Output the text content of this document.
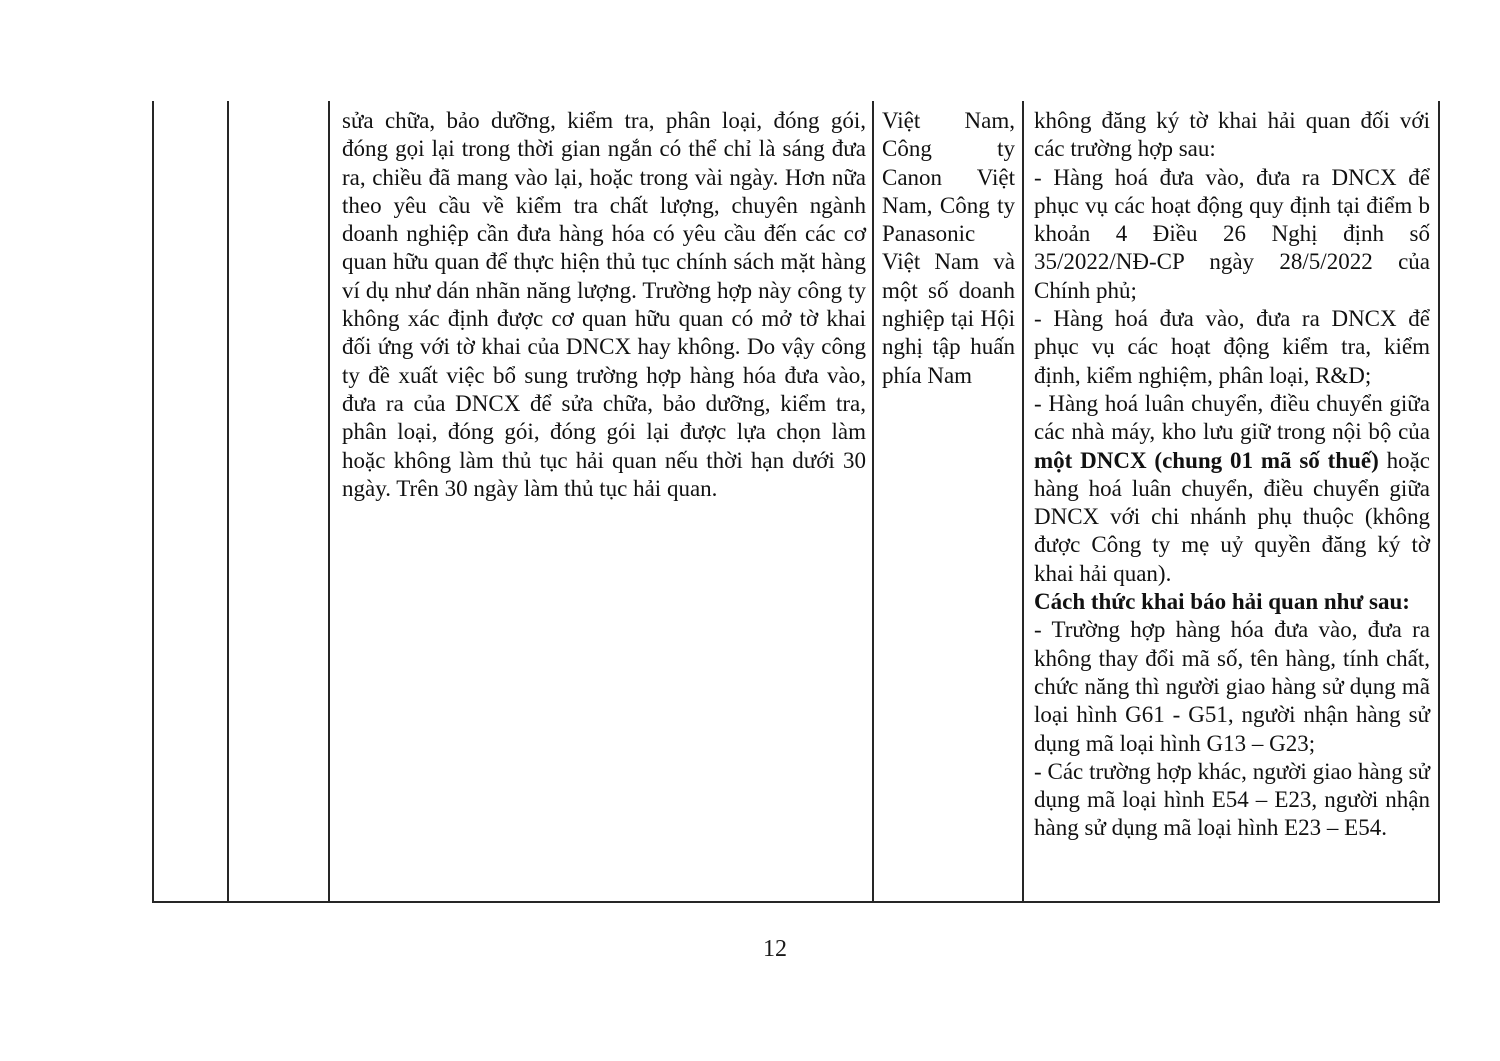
sửa chữa, bảo dưỡng, kiểm tra, phân loại, đóng gói, đóng gọi lại trong thời gian ngắn có thể chỉ là sáng đưa ra, chiều đã mang vào lại, hoặc trong vài ngày. Hơn nữa theo yêu cầu về kiểm tra chất lượng, chuyên ngành doanh nghiệp cần đưa hàng hóa có yêu cầu đến các cơ quan hữu quan để thực hiện thủ tục chính sách mặt hàng ví dụ như dán nhãn năng lượng. Trường hợp này công ty không xác định được cơ quan hữu quan có mở tờ khai đối ứng với tờ khai của DNCX hay không. Do vậy công ty đề xuất việc bổ sung trường hợp hàng hóa đưa vào, đưa ra của DNCX để sửa chữa, bảo dưỡng, kiểm tra, phân loại, đóng gói, đóng gói lại được lựa chọn làm hoặc không làm thủ tục hải quan nếu thời hạn dưới 30 ngày. Trên 30 ngày làm thủ tục hải quan.
Việt Nam, Công ty Canon Việt Nam, Công ty Panasonic Việt Nam và một số doanh nghiệp tại Hội nghị tập huấn phía Nam
không đăng ký tờ khai hải quan đối với các trường hợp sau:
- Hàng hoá đưa vào, đưa ra DNCX để phục vụ các hoạt động quy định tại điểm b khoản 4 Điều 26 Nghị định số 35/2022/NĐ-CP ngày 28/5/2022 của Chính phủ;
- Hàng hoá đưa vào, đưa ra DNCX để phục vụ các hoạt động kiểm tra, kiểm định, kiểm nghiệm, phân loại, R&D;
- Hàng hoá luân chuyển, điều chuyển giữa các nhà máy, kho lưu giữ trong nội bộ của một DNCX (chung 01 mã số thuế) hoặc hàng hoá luân chuyển, điều chuyển giữa DNCX với chi nhánh phụ thuộc (không được Công ty mẹ uỷ quyền đăng ký tờ khai hải quan).
Cách thức khai báo hải quan như sau:
- Trường hợp hàng hóa đưa vào, đưa ra không thay đổi mã số, tên hàng, tính chất, chức năng thì người giao hàng sử dụng mã loại hình G61 - G51, người nhận hàng sử dụng mã loại hình G13 – G23;
- Các trường hợp khác, người giao hàng sử dụng mã loại hình E54 – E23, người nhận hàng sử dụng mã loại hình E23 – E54.
12
